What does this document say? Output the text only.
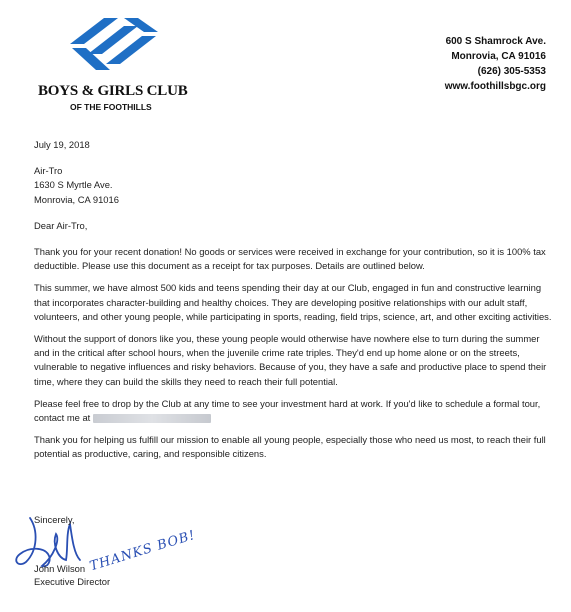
BOYS & GIRLS CLUB
OF THE FOOTHILLS
600 S Shamrock Ave.
Monrovia, CA 91016
(626) 305-5353
www.foothillsbgc.org
July 19, 2018
Air-Tro
1630 S Myrtle Ave.
Monrovia, CA 91016
Dear Air-Tro,

Thank you for your recent donation! No goods or services were received in exchange for your contribution, so it is 100% tax deductible. Please use this document as a receipt for tax purposes. Details are outlined below.

This summer, we have almost 500 kids and teens spending their day at our Club, engaged in fun and constructive learning that incorporates character-building and healthy choices. They are developing positive relationships with our adult staff, volunteers, and other young people, while participating in sports, reading, field trips, science, art, and other exciting activities.

Without the support of donors like you, these young people would otherwise have nowhere else to turn during the summer and in the critical after school hours, when the juvenile crime rate triples. They'd end up home alone or on the streets, vulnerable to negative influences and risky behaviors. Because of you, they have a safe and productive place to spend their time, where they can build the skills they need to reach their full potential.

Please feel free to drop by the Club at any time to see your investment hard at work. If you'd like to schedule a formal tour, contact me at

Thank you for helping us fulfill our mission to enable all young people, especially those who need us most, to reach their full potential as productive, caring, and responsible citizens.

Sincerely,
John Wilson
Executive Director
THANKS BOB!
